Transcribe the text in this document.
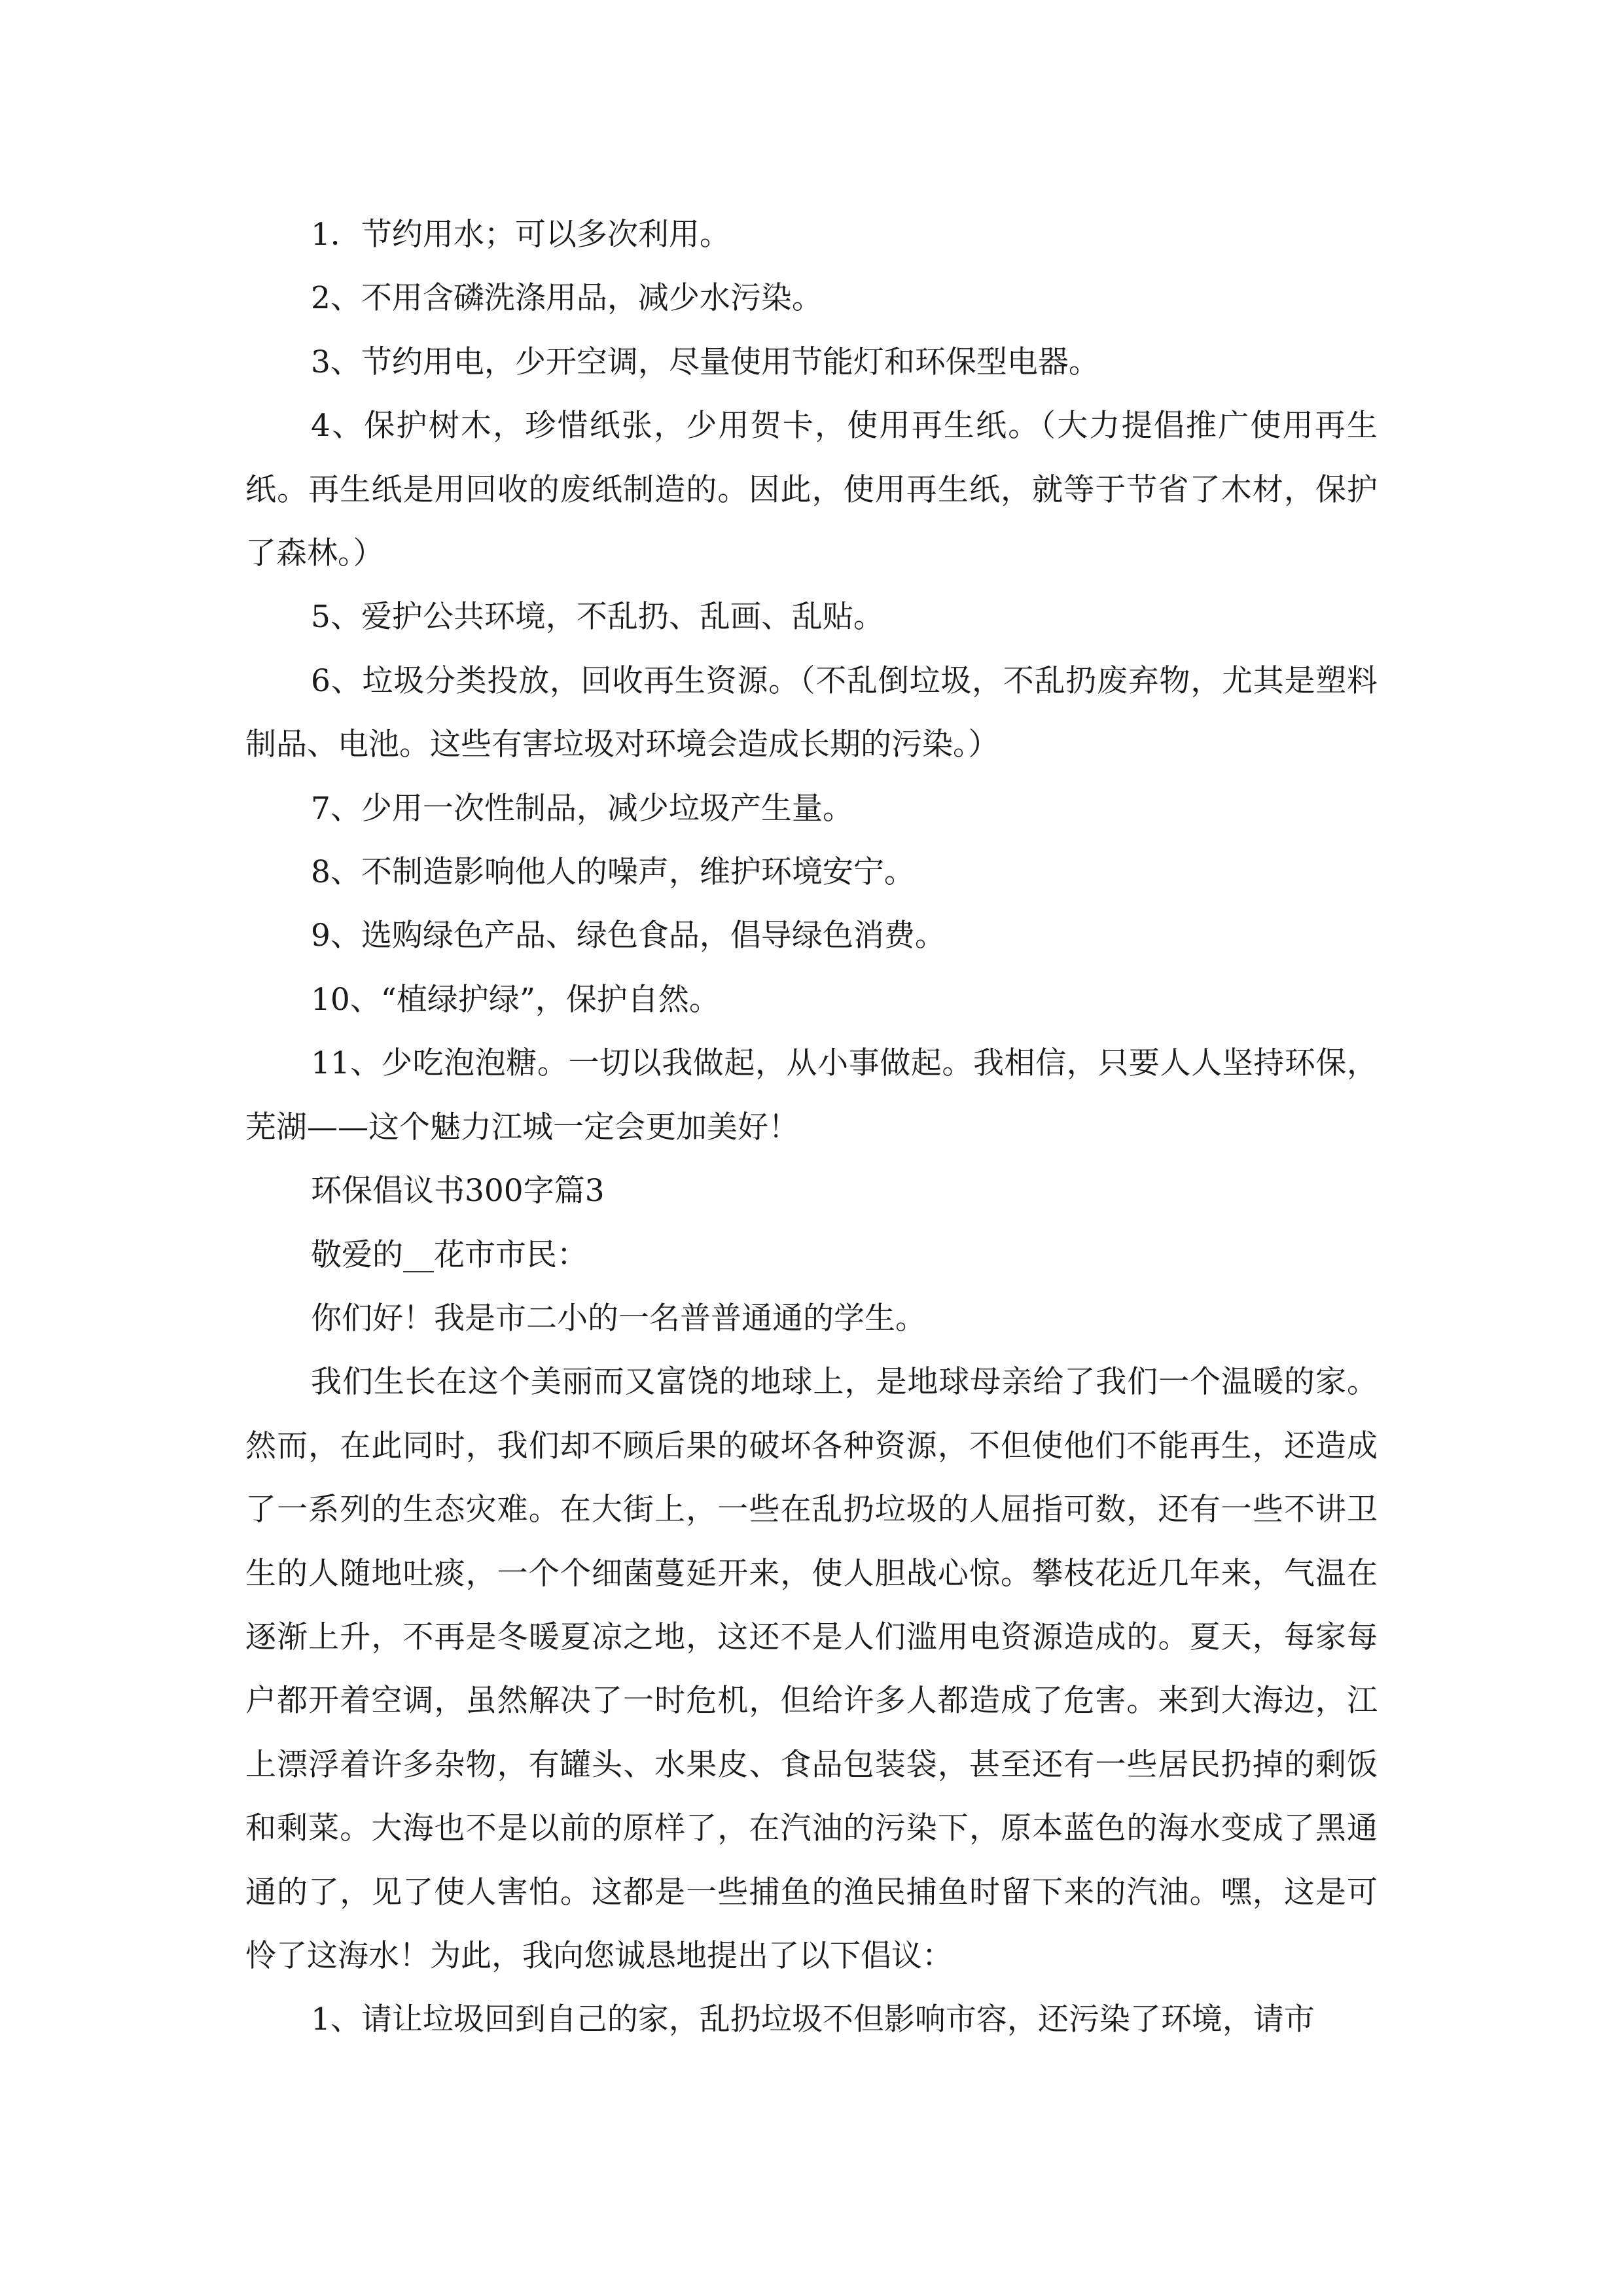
1．节约用水；可以多次利用。

2、不用含磷洗涤用品，减少水污染。

3、节约用电，少开空调，尽量使用节能灯和环保型电器。

4、保护树木，珍惜纸张，少用贺卡，使用再生纸。（大力提倡推广使用再生纸。再生纸是用回收的废纸制造的。因此，使用再生纸，就等于节省了木材，保护了森林。）

5、爱护公共环境，不乱扔、乱画、乱贴。

6、垃圾分类投放，回收再生资源。（不乱倒垃圾，不乱扔废弃物，尤其是塑料制品、电池。这些有害垃圾对环境会造成长期的污染。）

7、少用一次性制品，减少垃圾产生量。

8、不制造影响他人的噪声，维护环境安宁。

9、选购绿色产品、绿色食品，倡导绿色消费。

10、“植绿护绿”，保护自然。

11、少吃泡泡糖。一切以我做起，从小事做起。我相信，只要人人坚持环保，芜湖——这个魅力江城一定会更加美好！

环保倡议书300字篇3

敬爱的__花市市民：

你们好！我是市二小的一名普普通通的学生。

我们生长在这个美丽而又富饶的地球上，是地球母亲给了我们一个温暖的家。然而，在此同时，我们却不顾后果的破坏各种资源，不但使他们不能再生，还造成了一系列的生态灾难。在大街上，一些在乱扔垃圾的人屈指可数，还有一些不讲卫生的人随地吐痰，一个个细菌蔓延开来，使人胆战心惊。攀枝花近几年来，气温在逐渐上升，不再是冬暖夏凉之地，这还不是人们滥用电资源造成的。夏天，每家每户都开着空调，虽然解决了一时危机，但给许多人都造成了危害。来到大海边，江上漂浮着许多杂物，有罐头、水果皮、食品包装袋，甚至还有一些居民扔掉的剩饭和剩菜。大海也不是以前的原样了，在汽油的污染下，原本蓝色的海水变成了黑通通的了，见了使人害怕。这都是一些捕鱼的渔民捕鱼时留下来的汽油。嘿，这是可怜了这海水！为此，我向您诚恳地提出了以下倡议：

1、请让垃圾回到自己的家，乱扔垃圾不但影响市容，还污染了环境，请市
